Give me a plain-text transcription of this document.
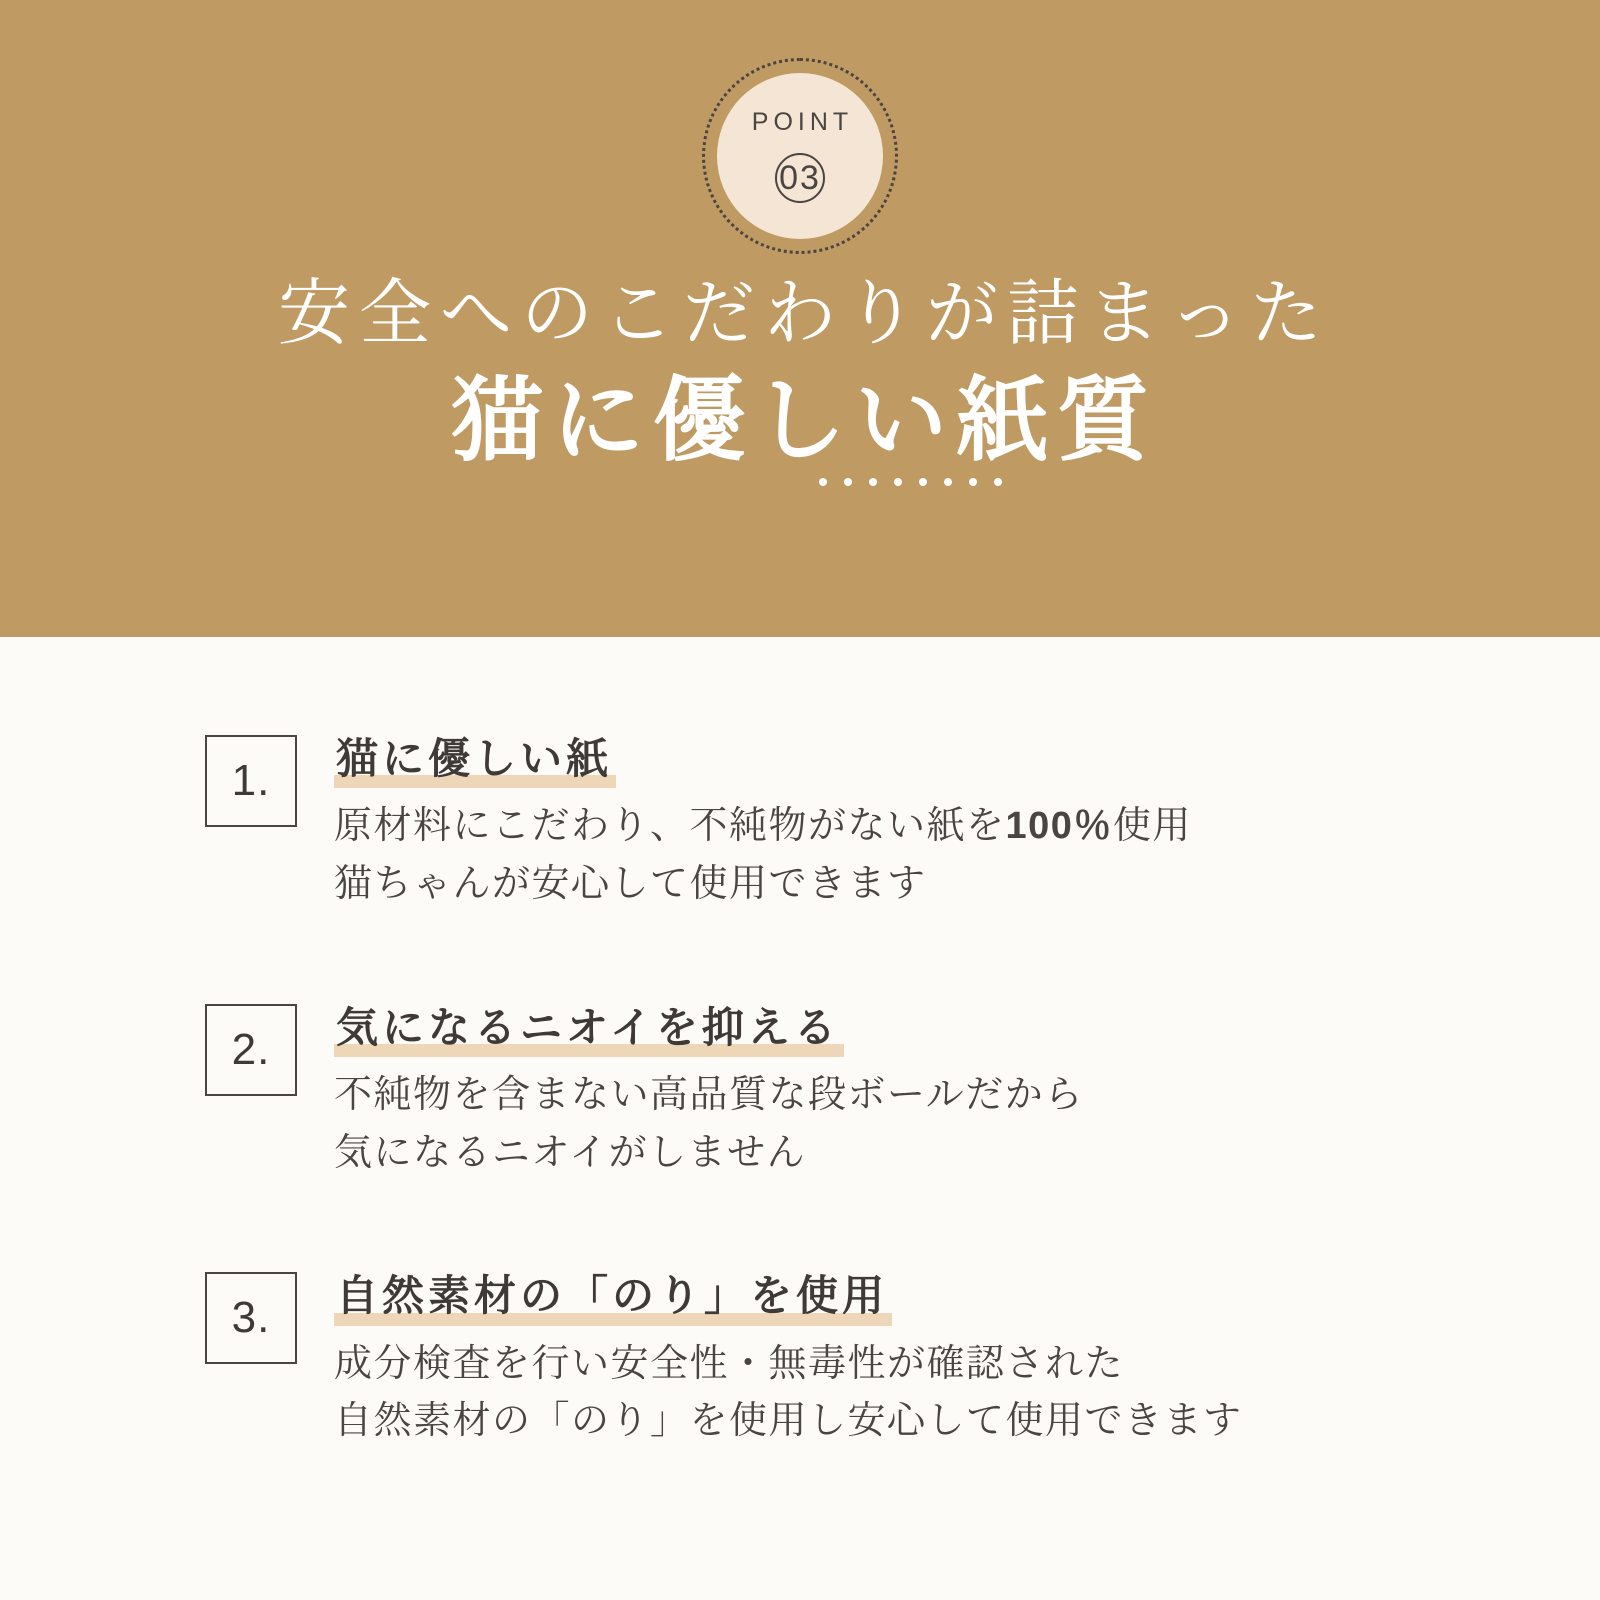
POINT
03
安全へのこだわりが詰まった
猫に優しい紙質
1. 猫に優しい紙
原材料にこだわり、不純物がない紙を100％使用
猫ちゃんが安心して使用できます
2. 気になるニオイを抑える
不純物を含まない高品質な段ボールだから
気になるニオイがしません
3. 自然素材の「のり」を使用
成分検査を行い安全性・無毒性が確認された
自然素材の「のり」を使用し安心して使用できます
